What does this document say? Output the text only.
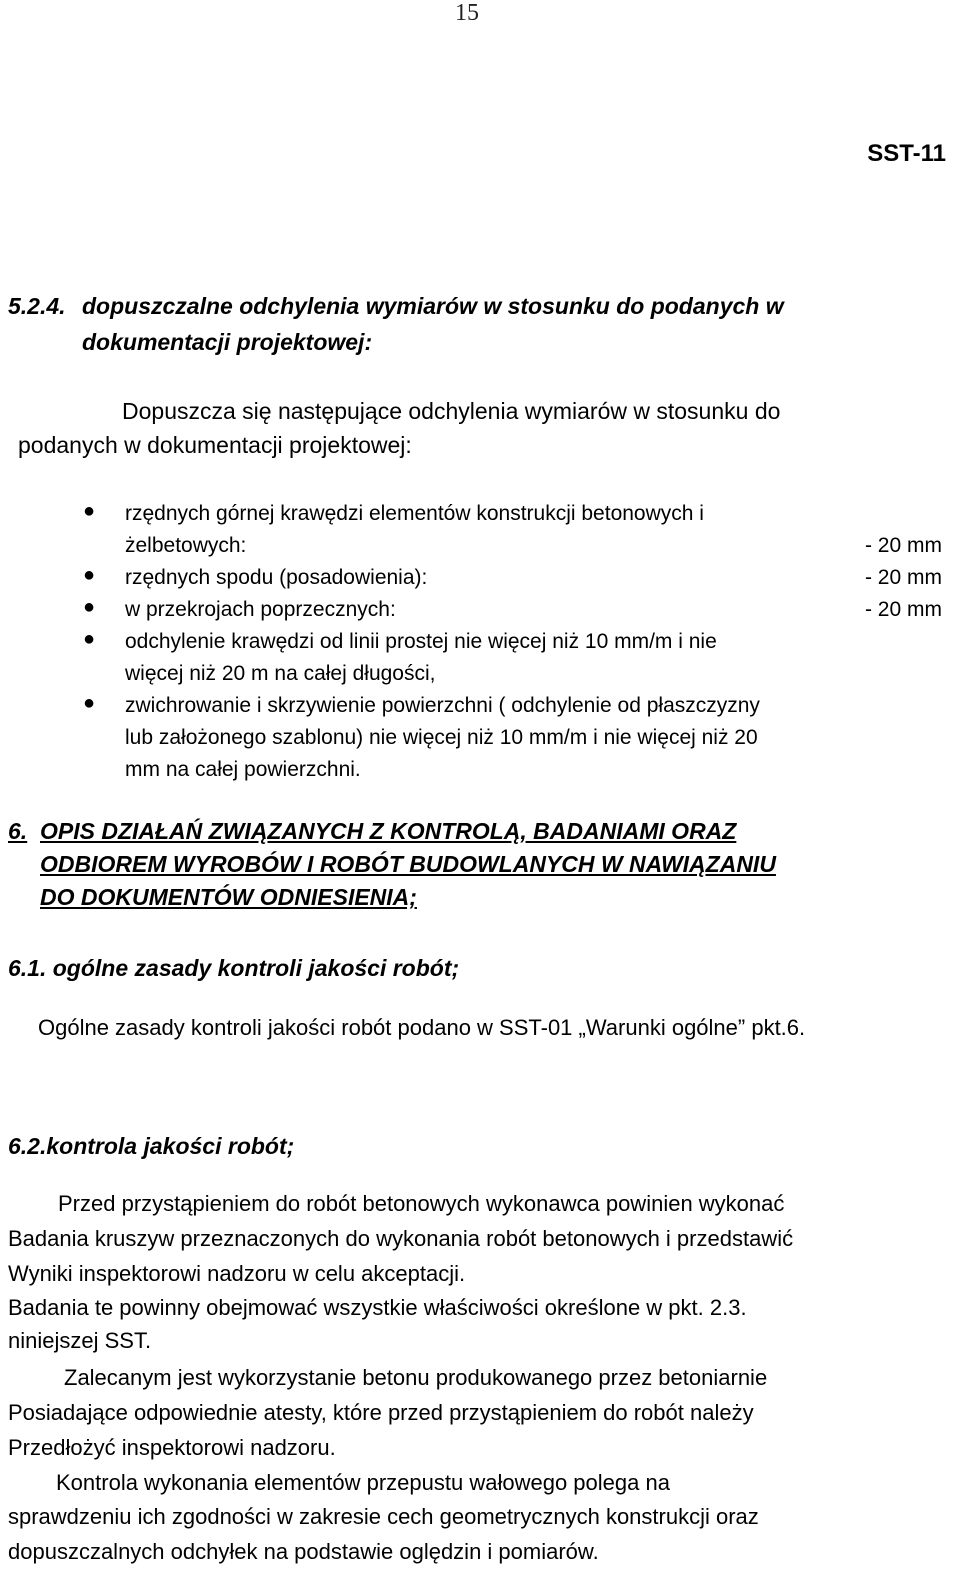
15
SST-11
5.2.4. dopuszczalne odchylenia wymiarów w stosunku do podanych w
dokumentacji projektowej:
Dopuszcza się następujące odchylenia wymiarów w stosunku do
podanych w dokumentacji projektowej:
● rzędnych górnej krawędzi elementów konstrukcji betonowych i
żelbetowych:	- 20 mm
● rzędnych spodu (posadowienia):	- 20 mm
● w przekrojach poprzecznych:	- 20 mm
● odchylenie krawędzi od linii prostej nie więcej niż 10 mm/m i nie
więcej niż 20 m na całej długości,
● zwichrowanie i skrzywienie powierzchni ( odchylenie od płaszczyzny
lub założonego szablonu) nie więcej niż 10 mm/m i nie więcej niż 20
mm na całej powierzchni.
6. OPIS DZIAŁAŃ ZWIĄZANYCH Z KONTROLĄ, BADANIAMI ORAZ
ODBIOREM WYROBÓW I ROBÓT BUDOWLANYCH W NAWIĄZANIU
DO DOKUMENTÓW ODNIESIENIA;
6.1. ogólne zasady kontroli jakości robót;
Ogólne zasady kontroli jakości robót podano w SST-01 „Warunki ogólne” pkt.6.
6.2.kontrola jakości robót;
Przed przystąpieniem do robót betonowych wykonawca powinien wykonać
Badania kruszyw przeznaczonych do wykonania robót betonowych i przedstawić
Wyniki inspektorowi nadzoru w celu akceptacji.
Badania te powinny obejmować wszystkie właściwości określone w pkt. 2.3.
niniejszej SST.
Zalecanym jest wykorzystanie betonu produkowanego przez betoniarnie
Posiadające odpowiednie atesty, które przed przystąpieniem do robót należy
Przedłożyć inspektorowi nadzoru.
Kontrola wykonania elementów przepustu wałowego polega na
sprawdzeniu ich zgodności w zakresie cech geometrycznych konstrukcji oraz
dopuszczalnych odchyłek na podstawie oględzin i pomiarów.
